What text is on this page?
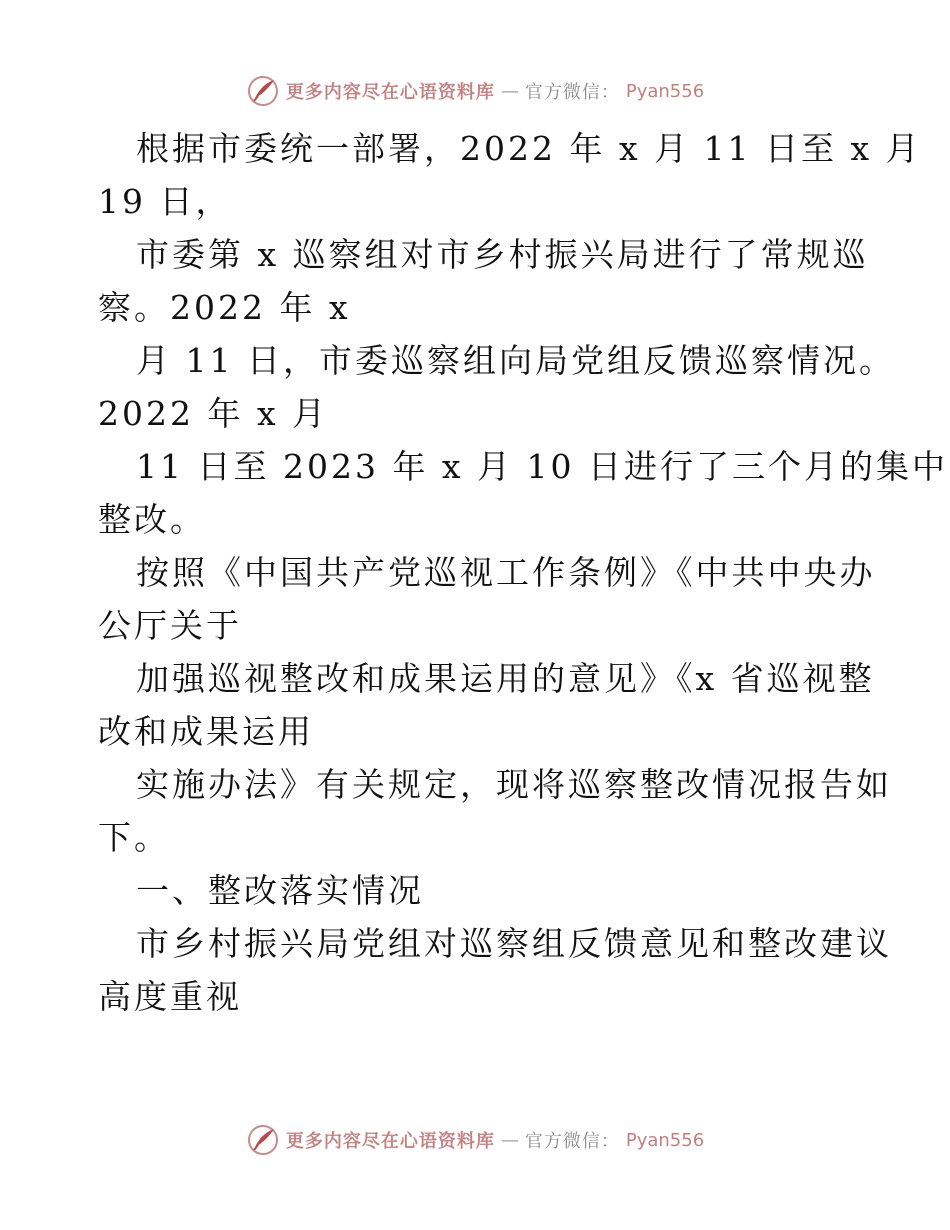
更多内容尽在心语资料库 — 官方微信： Pyan556
根据市委统一部署，2022 年 x 月 11 日至 x 月
19 日，
市委第 x 巡察组对市乡村振兴局进行了常规巡
察。2022 年 x
月 11 日，市委巡察组向局党组反馈巡察情况。
2022 年 x 月
11 日至 2023 年 x 月 10 日进行了三个月的集中
整改。
按照《中国共产党巡视工作条例》《中共中央办
公厅关于
加强巡视整改和成果运用的意见》《x 省巡视整
改和成果运用
实施办法》有关规定，现将巡察整改情况报告如
下。
一、整改落实情况
市乡村振兴局党组对巡察组反馈意见和整改建议
高度重视
更多内容尽在心语资料库 — 官方微信： Pyan556
